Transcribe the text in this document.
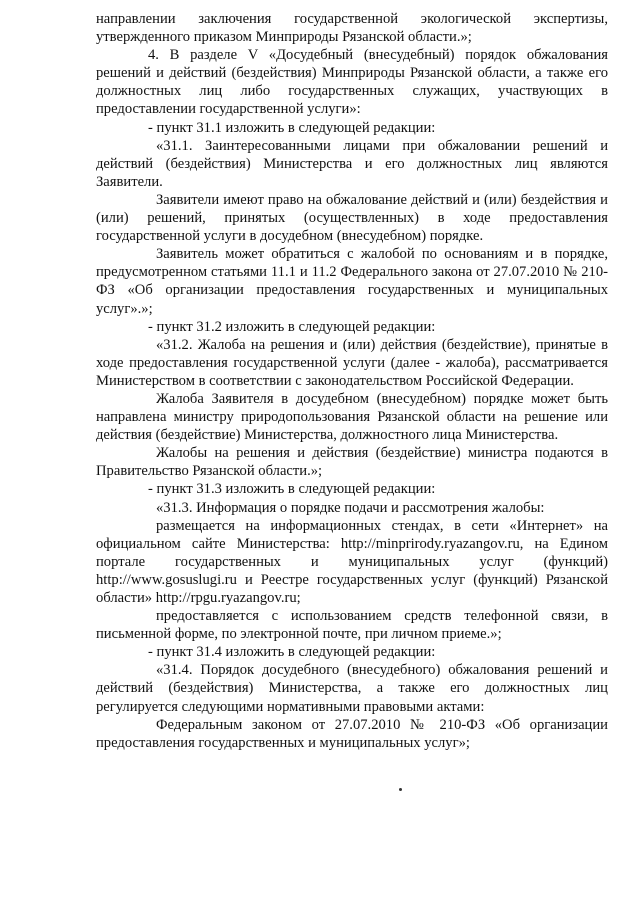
направлении заключения государственной экологической экспертизы, утвержденного приказом Минприроды Рязанской области.»;

4. В разделе V «Досудебный (внесудебный) порядок обжалования решений и действий (бездействия) Минприроды Рязанской области, а также его должностных лиц либо государственных служащих, участвующих в предоставлении государственной услуги»:

- пункт 31.1 изложить в следующей редакции:

«31.1. Заинтересованными лицами при обжаловании решений и действий (бездействия) Министерства и его должностных лиц являются Заявители.

Заявители имеют право на обжалование действий и (или) бездействия и (или) решений, принятых (осуществленных) в ходе предоставления государственной услуги в досудебном (внесудебном) порядке.

Заявитель может обратиться с жалобой по основаниям и в порядке, предусмотренном статьями 11.1 и 11.2 Федерального закона от 27.07.2010 № 210-ФЗ «Об организации предоставления государственных и муниципальных услуг».»;

- пункт 31.2 изложить в следующей редакции:

«31.2. Жалоба на решения и (или) действия (бездействие), принятые в ходе предоставления государственной услуги (далее - жалоба), рассматривается Министерством в соответствии с законодательством Российской Федерации.

Жалоба Заявителя в досудебном (внесудебном) порядке может быть направлена министру природопользования Рязанской области на решение или действия (бездействие) Министерства, должностного лица Министерства.

Жалобы на решения и действия (бездействие) министра подаются в Правительство Рязанской области.»;

- пункт 31.3 изложить в следующей редакции:

«31.3. Информация о порядке подачи и рассмотрения жалобы:

размещается на информационных стендах, в сети «Интернет» на официальном сайте Министерства: http://minprirody.ryazangov.ru, на Едином портале государственных и муниципальных услуг (функций) http://www.gosuslugi.ru и Реестре государственных услуг (функций) Рязанской области» http://rpgu.ryazangov.ru;

предоставляется с использованием средств телефонной связи, в письменной форме, по электронной почте, при личном приеме.»;

- пункт 31.4 изложить в следующей редакции:

«31.4. Порядок досудебного (внесудебного) обжалования решений и действий (бездействия) Министерства, а также его должностных лиц регулируется следующими нормативными правовыми актами:

Федеральным законом от 27.07.2010 № 210-ФЗ «Об организации предоставления государственных и муниципальных услуг»;
